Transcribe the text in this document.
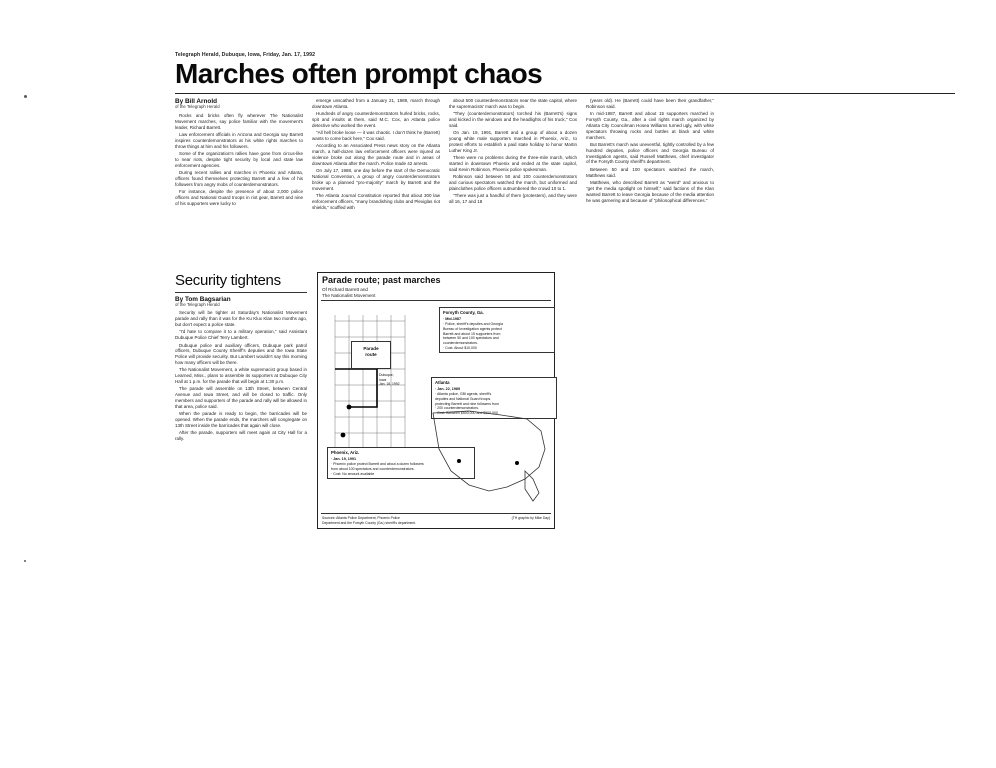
Telegraph Herald, Dubuque, Iowa, Friday, Jan. 17, 1992
Marches often prompt chaos
By Bill Arnold
of the Telegraph Herald

Rocks and bricks often fly wherever The Nationalist Movement marches, say police familiar with the movement's leader, Richard Barrett.

Law enforcement officials in Arizona and Georgia say Barrett inspires counterdemonstrators at his white rights marches to throw things at him and his followers.

Some of the organization's rallies have gone from circus-like to near riots, despite tight security by local and state law enforcement agencies.

During recent rallies and marches in Phoenix and Atlanta, officers found themselves protecting Barrett and a few of his followers from angry mobs of counterdemonstrators.

For instance, despite the presence of about 2,000 police officers and National Guard troops in riot gear, Barrett and nine of his supporters were lucky to

emerge unscathed from a January 21, 1989, march through downtown Atlanta.

Hundreds of angry counterdemonstrators hurled bricks, rocks, spit and insults at them, said M.C. Cox, an Atlanta police detective who worked the event.

"All hell broke loose — it was chaotic. I don't think he (Barrett) wants to come back here," Cox said.

According to an Associated Press news story on the Atlanta march, a half-dozen law enforcement officers were injured as violence broke out along the parade route and in areas of downtown Atlanta after the march. Police made 42 arrests.

On July 17, 1988, one day before the start of the Democratic National Convention, a group of angry counterdemonstrators broke up a planned "pro-majority" march by Barrett and the movement.

The Atlanta Journal Constitution reported that about 300 law enforcement officers, "many brandishing clubs and Plexiglas riot shields," scuffled with

about 500 counterdemonstrators near the state capitol, where the supremacists' march was to begin.

"They (counterdemonstrators) torched his (Barrett's) signs and kicked in the windows and the headlights of his truck," Cox said.

On Jan. 19, 1991, Barrett and a group of about a dozen young white male supporters marched in Phoenix, Ariz., to protest efforts to establish a paid state holiday to honor Martin Luther King Jr.

There were no problems during the three-mile march, which started in downtown Phoenix and ended at the state capitol, said Kevin Robinson, Phoenix police spokesman.

Robinson said between 50 and 100 counterdemonstrators and curious spectators watched the march, but uniformed and plainclothes police officers outnumbered the crowd 10 to 1.

"There was just a handful of them (protesters), and they were all 16, 17 and 18

(years old). He (Barrett) could have been their grandfather," Robinson said.

In mid-1987, Barrett and about 15 supporters marched in Forsyth County, Ga., after a civil rights march organized by Atlanta City Councilman Hosea Williams turned ugly, with white spectators throwing rocks and bottles at black and white marchers.

But Barrett's march was uneventful, tightly controlled by a few hundred deputies, police officers and Georgia Bureau of Investigation agents, said Russell Matthews, chief investigator of the Forsyth County sheriff's department.

Between 50 and 100 spectators watched the march, Matthews said.

Matthews, who described Barrett as "weird" and anxious to "get the media spotlight on himself," said factions of the Klan wanted Barrett to leave Georgia because of the media attention he was garnering and because of "philosophical differences."

Security tightens
By Tom Bagsarian
of the Telegraph Herald

Security will be tighter at Saturday's Nationalist Movement parade and rally than it was for the Ku Klux Klan two months ago, but don't expect a police state.

"I'd hate to compare it to a military operation," said Assistant Dubuque Police Chief Terry Lambert.

Dubuque police and auxiliary officers, Dubuque park patrol officers, Dubuque County Sheriff's deputies and the Iowa State Police will provide security. But Lambert wouldn't say this morning how many officers will be there.

The Nationalist Movement, a white supremacist group based in Learned, Miss., plans to assemble its supporters at Dubuque City Hall at 1 p.m. for the parade that will begin at 1:30 p.m.

The parade will assemble on 13th Street, between Central Avenue and Iowa Street, and will be closed to traffic. Only members and supporters of the parade and rally will be allowed in that area, police said.

When the parade is ready to begin, the barricades will be opened. When the parade ends, the marchers will congregate on 13th Street inside the barricades that again will close.

After the parade, supporters will meet again at City Hall for a rally.

Parade route; past marches
Of Richard Barrett and
The Nationalist Movement
Parade
route
Dubuque,
Iowa
Jan. 18, 1992
Forsyth County, Ga.
· Mid-1987
· Police, sheriff's deputies and Georgia
Bureau of Investigation agents protect
Barrett and about 15 supporters from
between 50 and 100 spectators and
counterdemonstrators.
· Cost: About $10,000
Atlanta
· Jan. 22, 1989
· Atlanta police, GBI agents, sheriff's
deputies and National Guard troops
protecting Barrett and nine followers from
· 200 counterdemonstrators.
· Cost: Between $500,000 and $900,000
Phoenix, Ariz.
· Jan. 19, 1991
· Phoenix police protect Barrett and about a dozen followers
from about 100 spectators and counterdemonstrators.
· Cost: No amount available
Sources: Atlanta Police Department, Phoenix Police
Department and the Forsyth County (Ga.) sheriff's department.
(TH graphic by Mike Day)
